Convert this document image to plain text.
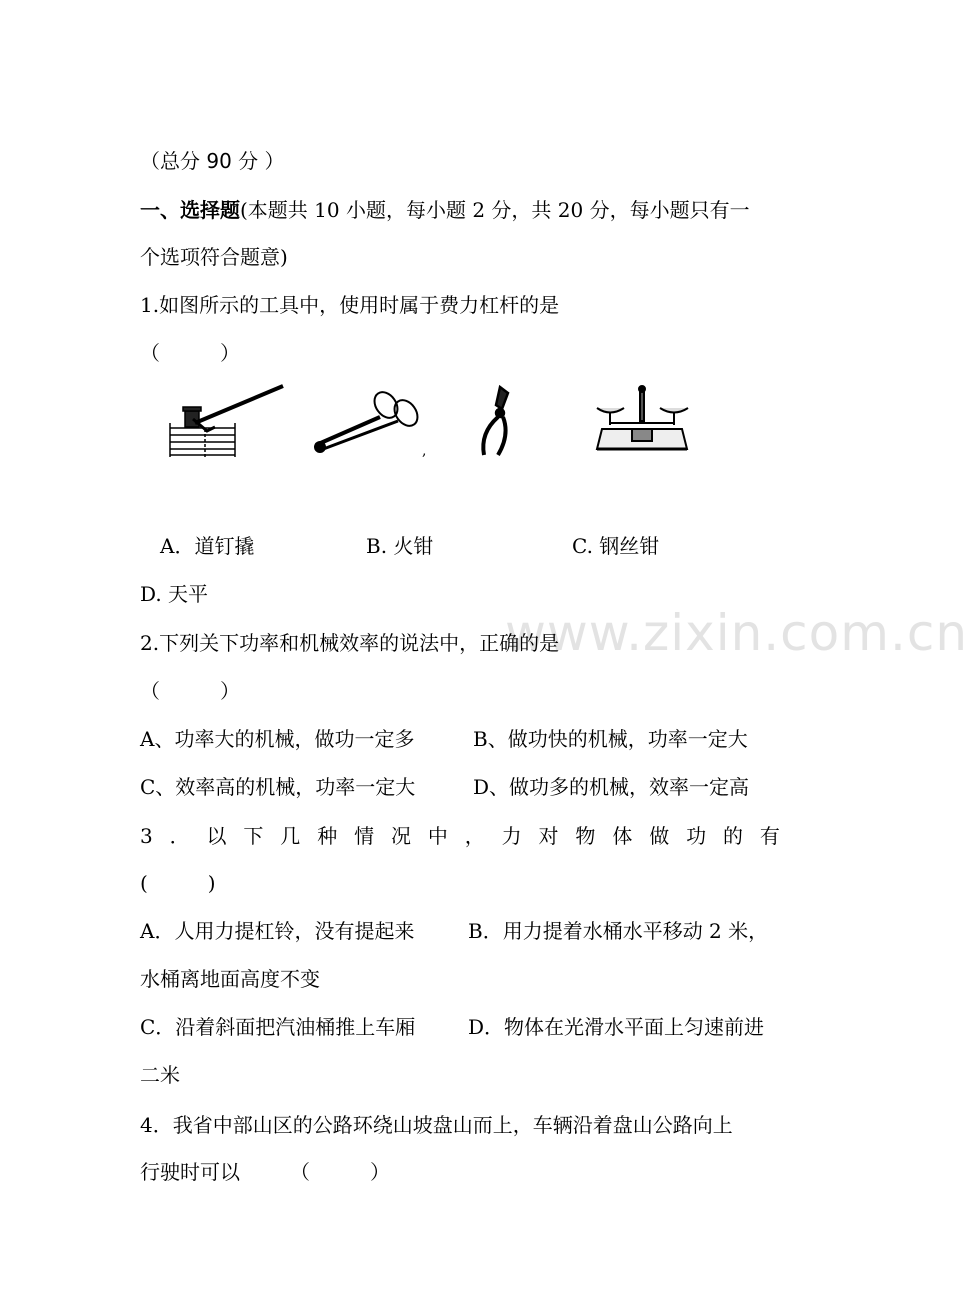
www.zixin.com.cn
（总分 90 分 ）
一、选择题(本题共 10 小题，每小题 2 分，共 20 分，每小题只有一
个选项符合题意)
1.如图所示的工具中，使用时属于费力杠杆的是
（　　　）
,
A．道钉撬	B. 火钳	C. 钢丝钳
D. 天平
2.下列关下功率和机械效率的说法中，正确的是
（　　　）
A、功率大的机械，做功一定多	B、做功快的机械，功率一定大
C、效率高的机械，功率一定大	D、做功多的机械，效率一定高
3 ． 以 下 几 种 情 况 中 ， 力 对 物 体 做 功 的 有
(　　　)
A．人用力提杠铃，没有提起来	B．用力提着水桶水平移动 2 米，
水桶离地面高度不变
C．沿着斜面把汽油桶推上车厢	D．物体在光滑水平面上匀速前进
二米
4．我省中部山区的公路环绕山坡盘山而上，车辆沿着盘山公路向上
行驶时可以	（　　　）
